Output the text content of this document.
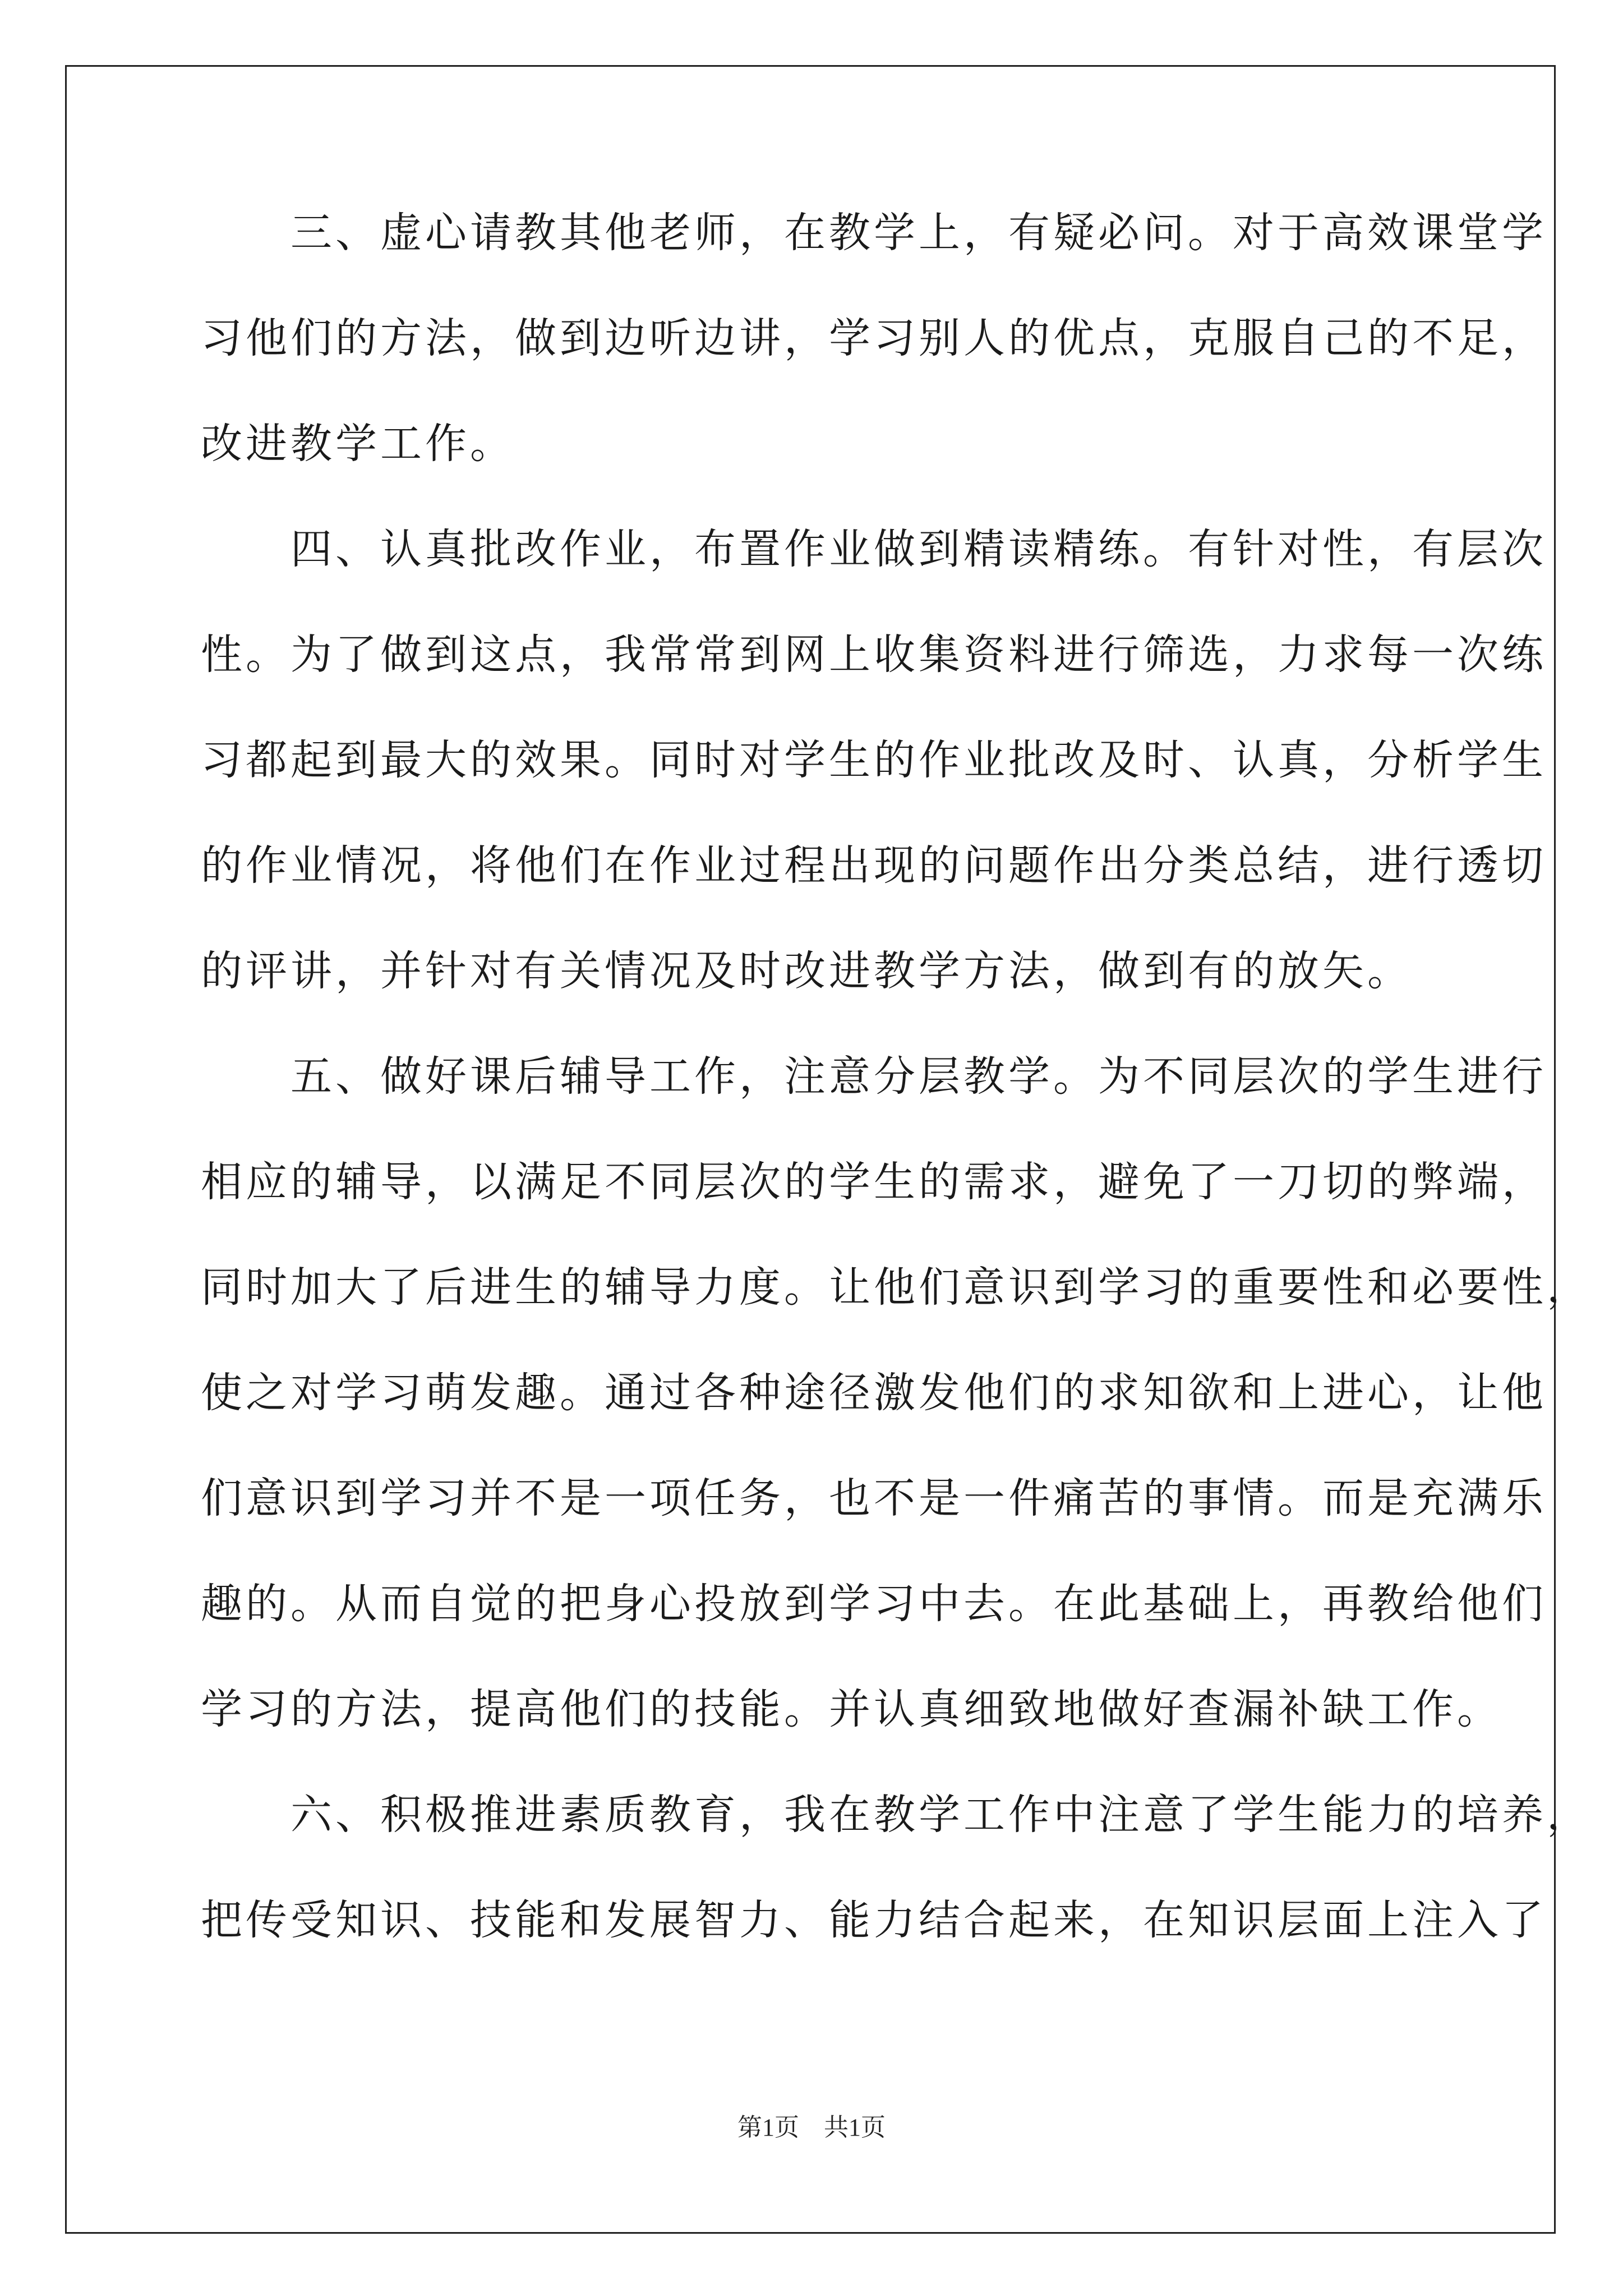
　　三、虚心请教其他老师，在教学上，有疑必问。对于高效课堂学
习他们的方法，做到边听边讲，学习别人的优点，克服自己的不足，
改进教学工作。
　　四、认真批改作业，布置作业做到精读精练。有针对性，有层次
性。为了做到这点，我常常到网上收集资料进行筛选，力求每一次练
习都起到最大的效果。同时对学生的作业批改及时、认真，分析学生
的作业情况，将他们在作业过程出现的问题作出分类总结，进行透切
的评讲，并针对有关情况及时改进教学方法，做到有的放矢。
　　五、做好课后辅导工作，注意分层教学。为不同层次的学生进行
相应的辅导，以满足不同层次的学生的需求，避免了一刀切的弊端，
同时加大了后进生的辅导力度。让他们意识到学习的重要性和必要性，
使之对学习萌发趣。通过各种途径激发他们的求知欲和上进心，让他
们意识到学习并不是一项任务，也不是一件痛苦的事情。而是充满乐
趣的。从而自觉的把身心投放到学习中去。在此基础上，再教给他们
学习的方法，提高他们的技能。并认真细致地做好查漏补缺工作。
　　六、积极推进素质教育，我在教学工作中注意了学生能力的培养，
把传受知识、技能和发展智力、能力结合起来，在知识层面上注入了
第1页　共1页
